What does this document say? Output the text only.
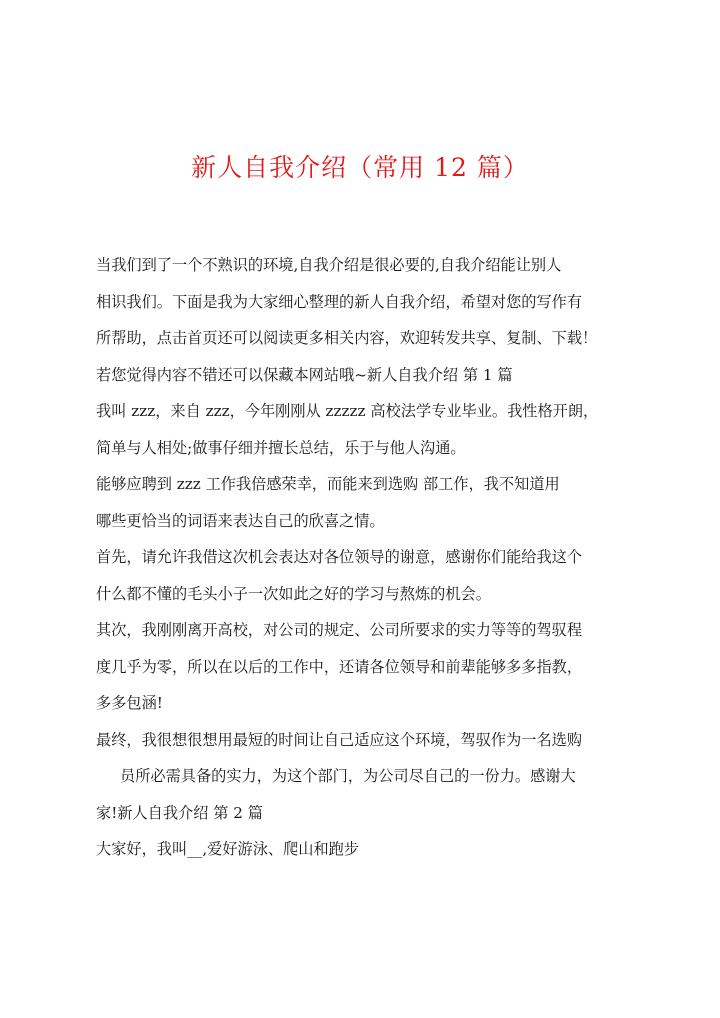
新人自我介绍（常用 12 篇）
当我们到了一个不熟识的环境,自我介绍是很必要的,自我介绍能让别人
相识我们。下面是我为大家细心整理的新人自我介绍，希望对您的写作有
所帮助，点击首页还可以阅读更多相关内容，欢迎转发共享、复制、下载！
若您觉得内容不错还可以保藏本网站哦~新人自我介绍 第 1 篇
我叫 zzz，来自 zzz，今年刚刚从 zzzzz 高校法学专业毕业。我性格开朗，
简单与人相处;做事仔细并擅长总结，乐于与他人沟通。
能够应聘到 zzz 工作我倍感荣幸，而能来到选购 部工作，我不知道用
哪些更恰当的词语来表达自己的欣喜之情。
首先，请允许我借这次机会表达对各位领导的谢意，感谢你们能给我这个
什么都不懂的毛头小子一次如此之好的学习与熬炼的机会。
其次，我刚刚离开高校，对公司的规定、公司所要求的实力等等的驾驭程
度几乎为零，所以在以后的工作中，还请各位领导和前辈能够多多指教，
多多包涵!
最终，我很想很想用最短的时间让自己适应这个环境，驾驭作为一名选购
员所必需具备的实力，为这个部门，为公司尽自己的一份力。感谢大
家!新人自我介绍 第 2 篇
大家好，我叫__,爱好游泳、爬山和跑步
